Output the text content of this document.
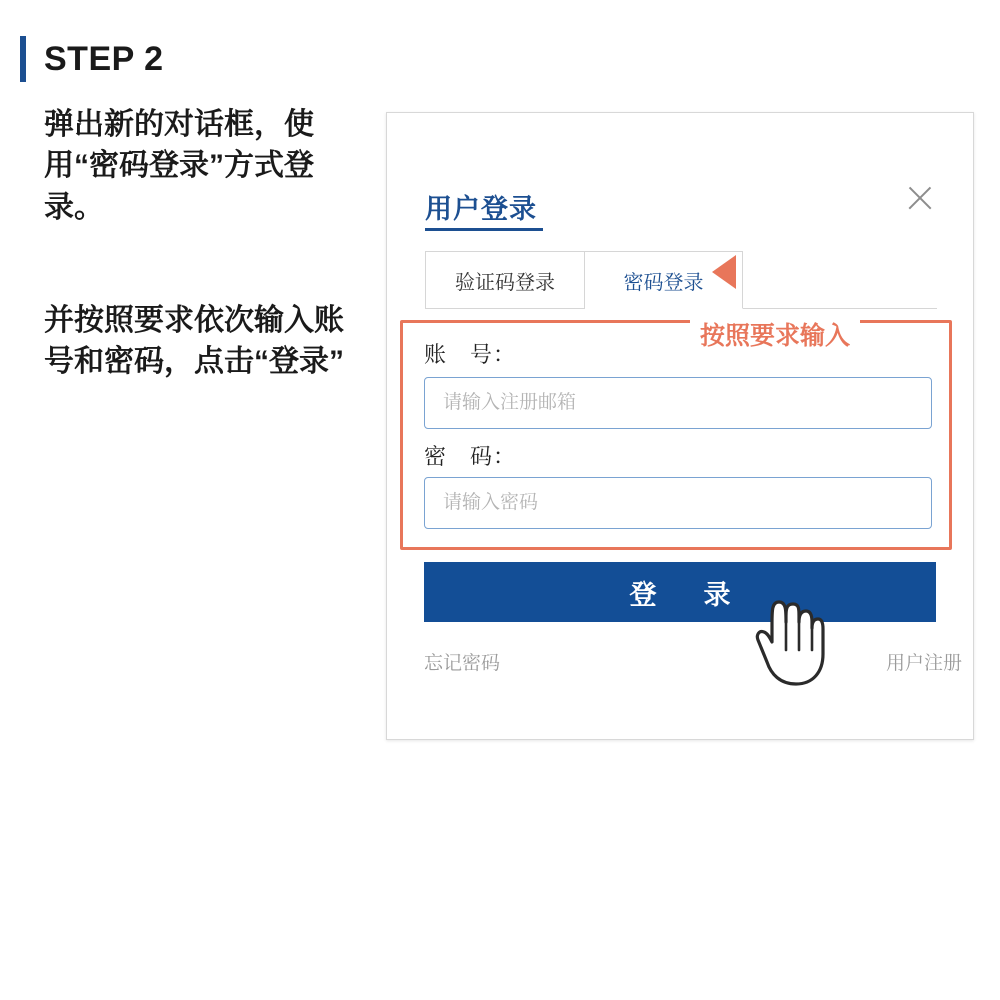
STEP 2
弹出新的对话框，使用“密码登录”方式登录。
并按照要求依次输入账号和密码，点击“登录”
用户登录
验证码登录	密码登录
按照要求输入
账　号：
请输入注册邮箱
密　码：
登　录
忘记密码	用户注册
